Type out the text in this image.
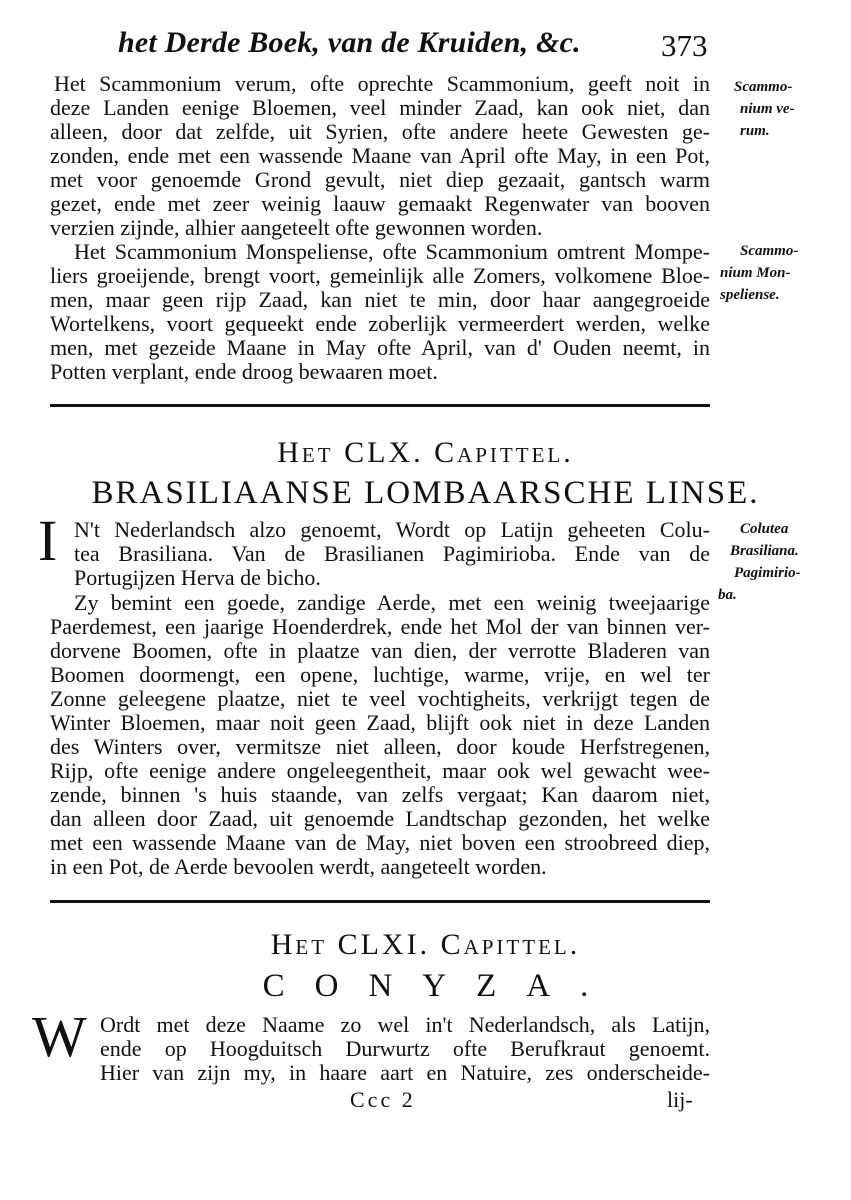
het Derde Boek, van de Kruiden, &c.	373
Het Scammonium verum, ofte oprechte Scammonium, geeft noit in
deze Landen eenige Bloemen, veel minder Zaad, kan ook niet, dan
alleen, door dat zelfde, uit Syrien, ofte andere heete Gewesten ge-
zonden, ende met een wassende Maane van April ofte May, in een Pot,
met voor genoemde Grond gevult, niet diep gezaait, gantsch warm
gezet, ende met zeer weinig laauw gemaakt Regenwater van booven
verzien zijnde, alhier aangeteelt ofte gewonnen worden.
Scammo-
nium ve-
rum.
Het Scammonium Monspeliense, ofte Scammonium omtrent Mompe-
liers groeijende, brengt voort, gemeinlijk alle Zomers, volkomene Bloe-
men, maar geen rijp Zaad, kan niet te min, door haar aangegroeide
Wortelkens, voort gequeekt ende zoberlijk vermeerdert werden, welke
men, met gezeide Maane in May ofte April, van d' Ouden neemt, in
Potten verplant, ende droog bewaaren moet.
Scammo-
nium Mon-
speliense.
Het CLX. Capittel.
BRASILIAANSE LOMBAARSCHE LINSE.
I N't Nederlandsch alzo genoemt, Wordt op Latijn geheeten Colu-
tea Brasiliana. Van de Brasilianen Pagimirioba. Ende van de
Portugijzen Herva de bicho.
Zy bemint een goede, zandige Aerde, met een weinig tweejaarige
Paerdemest, een jaarige Hoenderdrek, ende het Mol der van binnen ver-
dorvene Boomen, ofte in plaatze van dien, der verrotte Bladeren van
Boomen doormengt, een opene, luchtige, warme, vrije, en wel ter
Zonne geleegene plaatze, niet te veel vochtigheits, verkrijgt tegen de
Winter Bloemen, maar noit geen Zaad, blijft ook niet in deze Landen
des Winters over, vermitsze niet alleen, door koude Herfstregenen,
Rijp, ofte eenige andere ongeleegentheit, maar ook wel gewacht wee-
zende, binnen 's huis staande, van zelfs vergaat; Kan daarom niet,
dan alleen door Zaad, uit genoemde Landtschap gezonden, het welke
met een wassende Maane van de May, niet boven een stroobreed diep,
in een Pot, de Aerde bevoolen werdt, aangeteelt worden.
Colutea
Brasiliana.
Pagimirio-
ba.
Het CLXI. Capittel.
CONYZA.
W Ordt met deze Naame zo wel in't Nederlandsch, als Latijn,
ende op Hoogduitsch Durwurtz ofte Berufkraut genoemt.
Hier van zijn my, in haare aart en Natuire, zes onderscheide-
Ccc 2	lij-
